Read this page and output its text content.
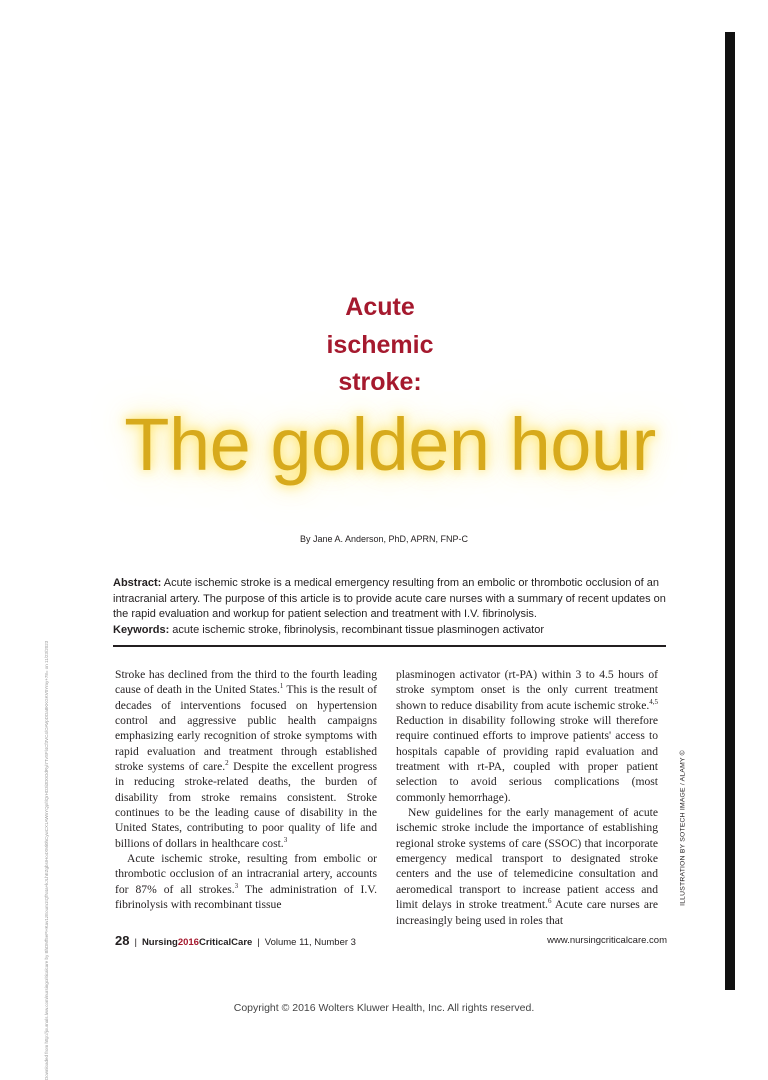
Downloaded from http://journals.lww.com/nursingcriticalcare by BhDMf5ePHKav1zEoum1tQfN4a+kJLhEZgbsIHo4XMi0hCywCX1AWnYQp/IlQrHD3i3D0OdRyi7TvSFl4Cf3VC4/OAVpDDa8KKGKV0Ymy+78= on 11/23/2023	ILLUSTRATION BY SOTECH IMAGE / ALAMY ©
Acute
ischemic
stroke:
The golden hour
By Jane A. Anderson, PhD, APRN, FNP-C

Abstract: Acute ischemic stroke is a medical emergency resulting from an embolic or thrombotic occlusion of an intracranial artery. The purpose of this article is to provide acute care nurses with a summary of recent updates on the rapid evaluation and workup for patient selection and treatment with I.V. fibrinolysis.

Keywords: acute ischemic stroke, fibrinolysis, recombinant tissue plasminogen activator

Stroke has declined from the third to the fourth leading cause of death in the United States.$^1$ This is the result of decades of interventions focused on hypertension control and aggressive public health campaigns emphasizing early recognition of stroke symptoms with rapid evaluation and treatment through established stroke systems of care.$^2$ Despite the excellent progress in reducing stroke-related deaths, the burden of disability from stroke remains consistent. Stroke continues to be the leading cause of disability in the United States, contributing to poor quality of life and billions of dollars in healthcare cost.$^3$

Acute ischemic stroke, resulting from embolic or thrombotic occlusion of an intracranial artery, accounts for 87% of all strokes.$^3$ The administration of I.V. fibrinolysis with recombinant tissue

plasminogen activator (rt-PA) within 3 to 4.5 hours of stroke symptom onset is the only current treatment shown to reduce disability from acute ischemic stroke.$^{4,5}$ Reduction in disability following stroke will therefore require continued efforts to improve patients' access to hospitals capable of providing rapid evaluation and treatment with rt-PA, coupled with proper patient selection to avoid serious complications (most commonly hemorrhage).

New guidelines for the early management of acute ischemic stroke include the importance of establishing regional stroke systems of care (SSOC) that incorporate emergency medical transport to designated stroke centers and the use of telemedicine consultation and aeromedical transport to increase patient access and limit delays in stroke treatment.$^6$ Acute care nurses are increasingly being used in roles that

28 | Nursing2016CriticalCare | Volume 11, Number 3	www.nursingcriticalcare.com
Copyright © 2016 Wolters Kluwer Health, Inc. All rights reserved.
